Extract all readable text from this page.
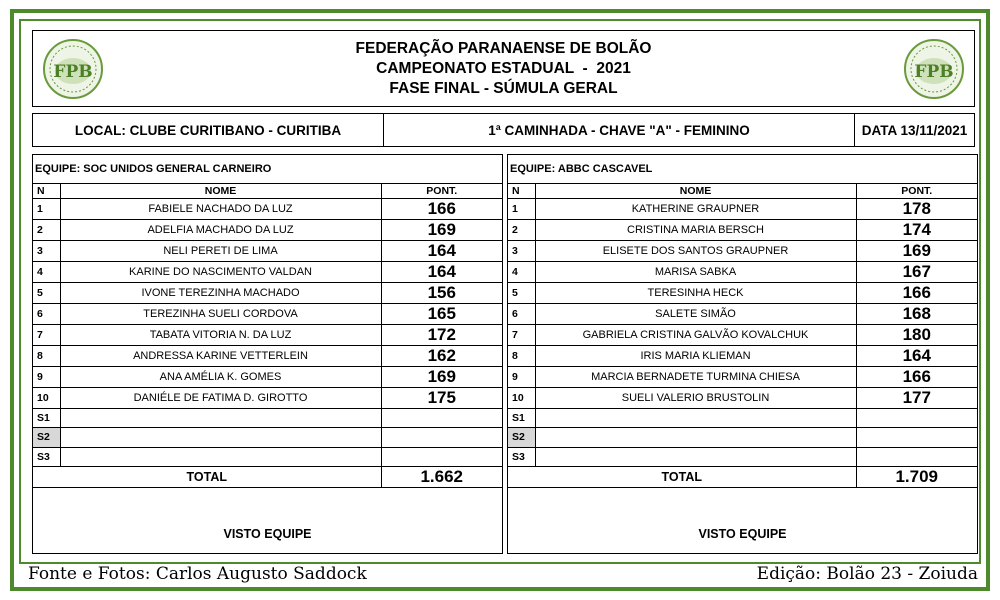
FPB
FEDERAÇÃO PARANAENSE DE BOLÃO
CAMPEONATO ESTADUAL  -  2021
FASE FINAL - SÚMULA GERAL
FPB
LOCAL: CLUBE CURITIBANO - CURITIBA	1ª CAMINHADA - CHAVE "A" - FEMININO	DATA 13/11/2021
EQUIPE: SOC UNIDOS GENERAL CARNEIRO
N	NOME	PONT.
1	FABIELE NACHADO DA LUZ	166
2	ADELFIA MACHADO DA LUZ	169
3	NELI PERETI DE LIMA	164
4	KARINE DO NASCIMENTO VALDAN	164
5	IVONE TEREZINHA MACHADO	156
6	TEREZINHA SUELI CORDOVA	165
7	TABATA VITORIA N. DA LUZ	172
8	ANDRESSA KARINE VETTERLEIN	162
9	ANA AMÉLIA K. GOMES	169
10	DANIÉLE DE FATIMA D. GIROTTO	175
S1		
S2		
S3		
TOTAL		1.662
VISTO EQUIPE
EQUIPE: ABBC CASCAVEL
N	NOME	PONT.
1	KATHERINE GRAUPNER	178
2	CRISTINA MARIA BERSCH	174
3	ELISETE DOS SANTOS GRAUPNER	169
4	MARISA SABKA	167
5	TERESINHA HECK	166
6	SALETE SIMÃO	168
7	GABRIELA CRISTINA GALVÃO KOVALCHUK	180
8	IRIS MARIA KLIEMAN	164
9	MARCIA BERNADETE TURMINA CHIESA	166
10	SUELI VALERIO BRUSTOLIN	177
S1		
S2		
S3		
TOTAL		1.709
VISTO EQUIPE
Fonte e Fotos: Carlos Augusto Saddock	Edição: Bolão 23 - Zoiuda
